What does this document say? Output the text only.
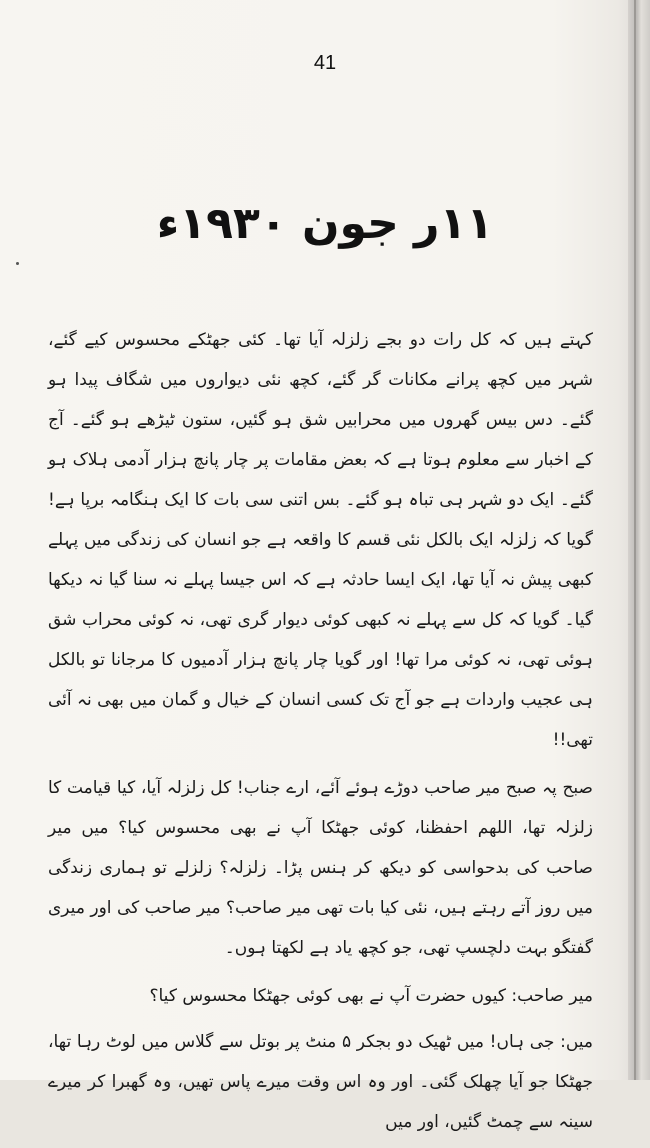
41
۱۱ر جون ۱۹۳۰ء

کہتے ہیں کہ کل رات دو بجے زلزلہ آیا تھا۔ کئی جھٹکے محسوس کیے گئے، شہر میں کچھ پرانے مکانات گر گئے، کچھ نئی دیواروں میں شگاف پیدا ہو گئے۔ دس بیس گھروں میں محرابیں شق ہو گئیں، ستون ٹیڑھے ہو گئے۔ آج کے اخبار سے معلوم ہوتا ہے کہ بعض مقامات پر چار پانچ ہزار آدمی ہلاک ہو گئے۔ ایک دو شہر ہی تباہ ہو گئے۔ بس اتنی سی بات کا ایک ہنگامہ برپا ہے! گویا کہ زلزلہ ایک بالکل نئی قسم کا واقعہ ہے جو انسان کی زندگی میں پہلے کبھی پیش نہ آیا تھا، ایک ایسا حادثہ ہے کہ اس جیسا پہلے نہ سنا گیا نہ دیکھا گیا۔ گویا کہ کل سے پہلے نہ کبھی کوئی دیوار گری تھی، نہ کوئی محراب شق ہوئی تھی، نہ کوئی مرا تھا! اور گویا چار پانچ ہزار آدمیوں کا مرجانا تو بالکل ہی عجیب واردات ہے جو آج تک کسی انسان کے خیال و گمان میں بھی نہ آئی تھی!!

صبح پہ صبح میر صاحب دوڑے ہوئے آئے، ارے جناب! کل زلزلہ آیا، کیا قیامت کا زلزلہ تھا، اللھم احفظنا، کوئی جھٹکا آپ نے بھی محسوس کیا؟ میں میر صاحب کی بدحواسی کو دیکھ کر ہنس پڑا۔ زلزلہ؟ زلزلے تو ہماری زندگی میں روز آتے رہتے ہیں، نئی کیا بات تھی میر صاحب؟ میر صاحب کی اور میری گفتگو بہت دلچسپ تھی، جو کچھ یاد ہے لکھتا ہوں۔

میر صاحب: کیوں حضرت آپ نے بھی کوئی جھٹکا محسوس کیا؟

میں: جی ہاں! میں ٹھیک دو بجکر ۵ منٹ پر بوتل سے گلاس میں لوٹ رہا تھا، جھٹکا جو آیا چھلک گئی۔ اور وہ اس وقت میرے پاس تھیں، وہ گھبرا کر میرے سینہ سے چمٹ گئیں، اور میں
